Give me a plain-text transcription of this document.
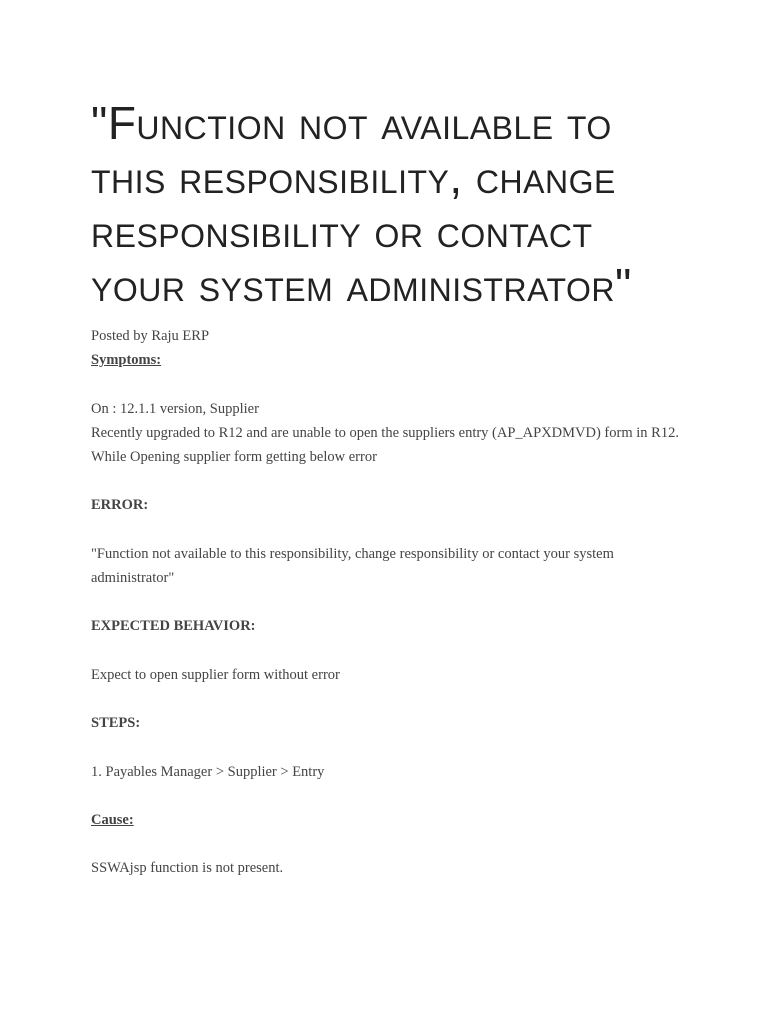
"Function not available to this responsibility, change responsibility or contact your system administrator"
Posted by Raju ERP
Symptoms:
On : 12.1.1 version, Supplier
Recently upgraded to R12 and are unable to open the suppliers entry (AP_APXDMVD) form in R12. While Opening supplier form getting below error
ERROR:
"Function not available to this responsibility, change responsibility or contact your system administrator"
EXPECTED BEHAVIOR:
Expect to open supplier form without error
STEPS:
1. Payables Manager > Supplier > Entry
Cause:
SSWAjsp function is not present.
